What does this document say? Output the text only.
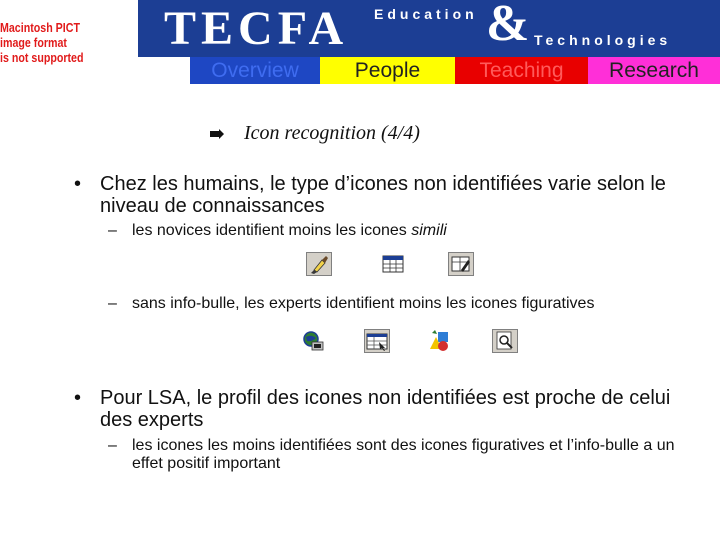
Macintosh PICT
image format
is not supported
TECFA Education & Technologies
Overview	People	Teaching	Research
Icon recognition (4/4)
• Chez les humains, le type d’icones non identifiées varie selon le niveau de connaissances
– les novices identifient moins les icones simili
– sans info-bulle, les experts identifient moins les icones figuratives
• Pour LSA, le profil des icones non identifiées est proche de celui des experts
– les icones les moins identifiées sont des icones figuratives et l’info-bulle a un effet positif important
